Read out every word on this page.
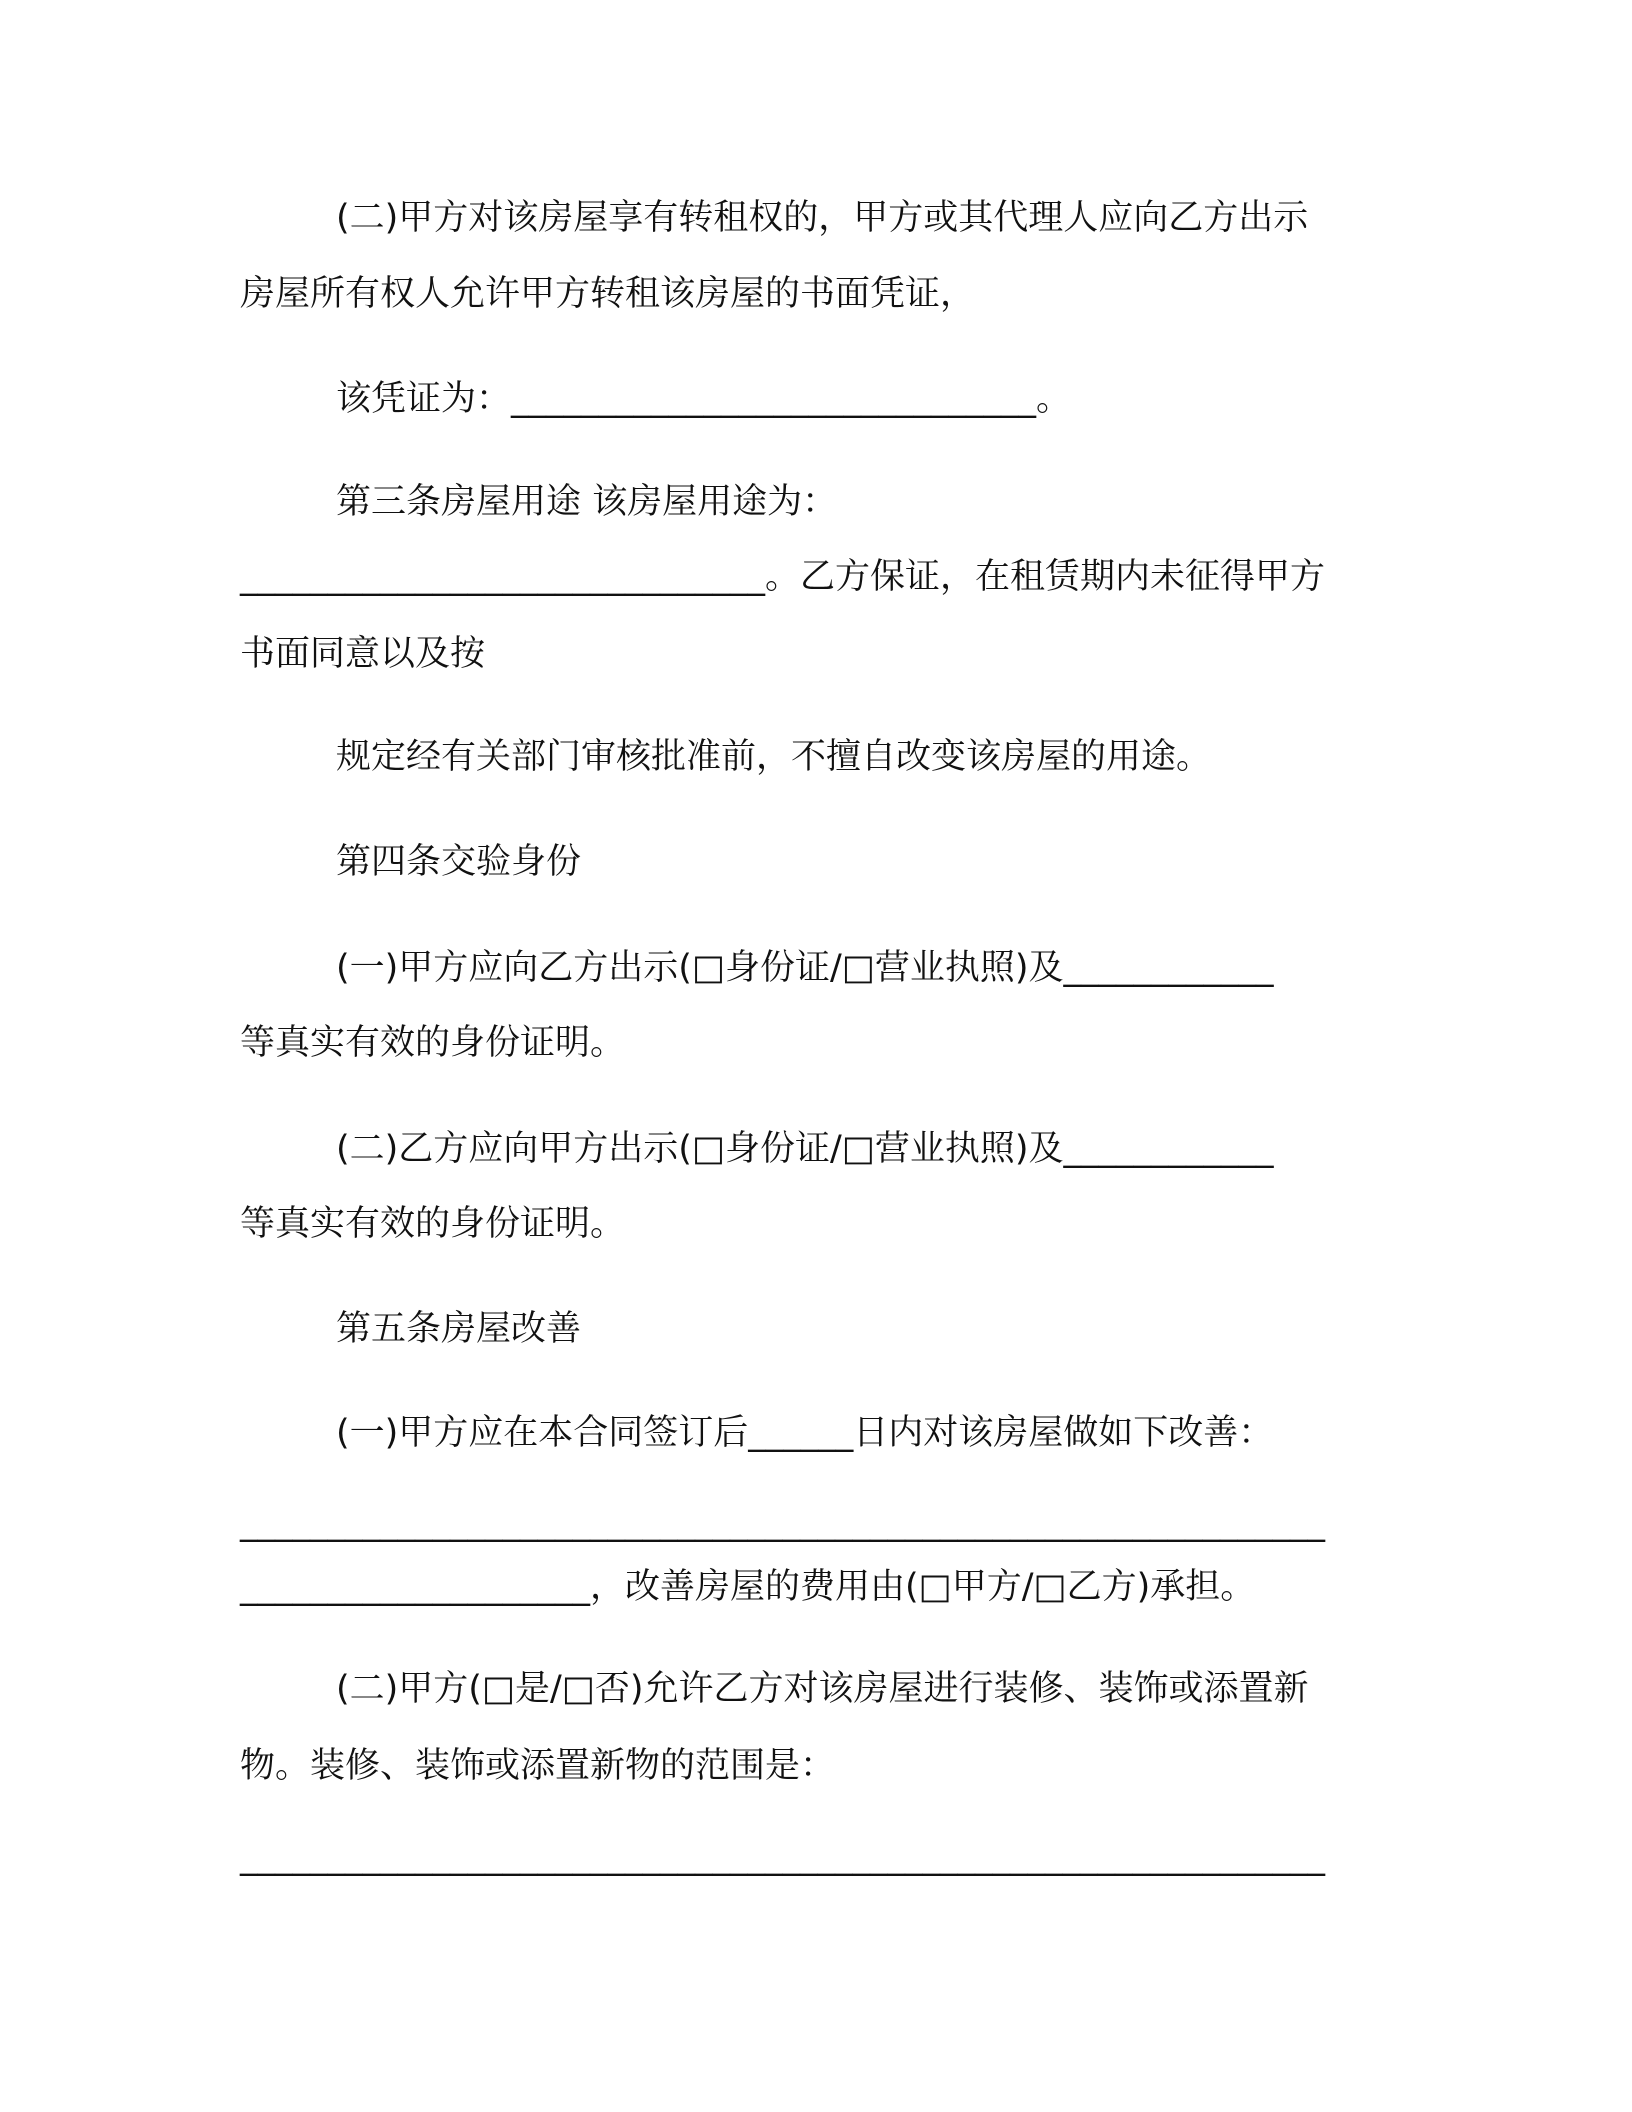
(二)甲方对该房屋享有转租权的，甲方或其代理人应向乙方出示
房屋所有权人允许甲方转租该房屋的书面凭证，
该凭证为：______________________________。
第三条房屋用途 该房屋用途为：
______________________________。乙方保证，在租赁期内未征得甲方
书面同意以及按
规定经有关部门审核批准前，不擅自改变该房屋的用途。
第四条交验身份
(一)甲方应向乙方出示(□身份证/□营业执照)及____________
等真实有效的身份证明。
(二)乙方应向甲方出示(□身份证/□营业执照)及____________
等真实有效的身份证明。
第五条房屋改善
(一)甲方应在本合同签订后______日内对该房屋做如下改善：
______________________________________________________________
____________________，改善房屋的费用由(□甲方/□乙方)承担。
(二)甲方(□是/□否)允许乙方对该房屋进行装修、装饰或添置新
物。装修、装饰或添置新物的范围是：
______________________________________________________________
